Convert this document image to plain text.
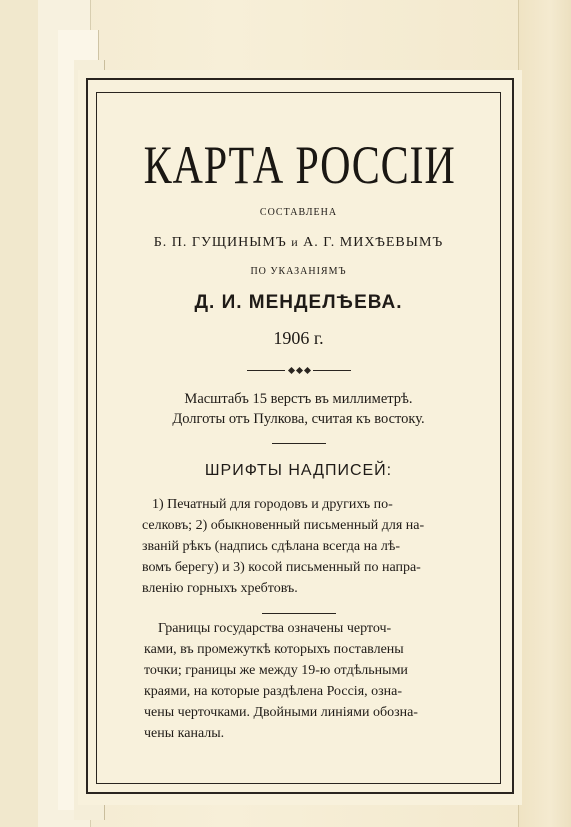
КАРТА РОССIИ
СОСТАВЛЕНА
Б. П. ГУЩИНЫМЪ и А. Г. МИХѢЕВЫМЪ
ПО УКАЗАНIЯМЪ
Д. И. МЕНДЕЛѢЕВА.
1906 г.
Масштабъ 15 верстъ въ миллиметрѣ.
Долготы отъ Пулкова, считая къ востоку.
ШРИФТЫ НАДПИСЕЙ:
1) Печатный для городовъ и другихъ по-
селковъ; 2) обыкновенный письменный для на-
званiй рѣкъ (надпись сдѣлана всегда на лѣ-
вомъ берегу) и 3) косой письменный по напра-
вленiю горныхъ хребтовъ.
Границы государства означены черточ-
ками, въ промежуткѣ которыхъ поставлены
точки; границы же между 19-ю отдѣльными
краями, на которые раздѣлена Россiя, озна-
чены черточками. Двойными линiями обозна-
чены каналы.
